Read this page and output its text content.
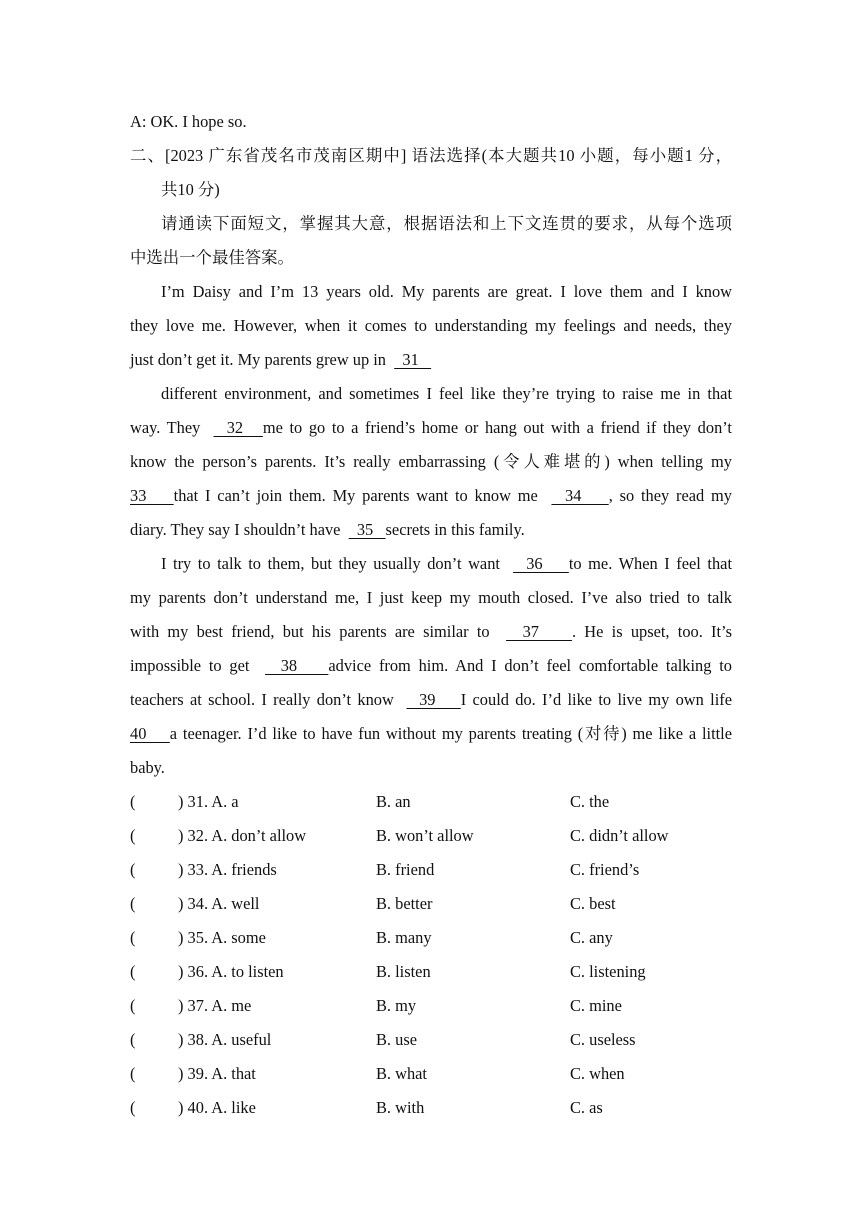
A: OK. I hope so.
二、[2023 广东省茂名市茂南区期中] 语法选择(本大题共10 小题，每小题1 分，
共10 分)
请通读下面短文，掌握其大意，根据语法和上下文连贯的要求，从每个选项
中选出一个最佳答案。
I’m Daisy and I’m 13 years old. My parents are great. I love them and I know
they love me. However, when it comes to understanding my feelings and needs, they
just don’t get it. My parents grew up in    31
different environment, and sometimes I feel like they’re trying to raise me in that
way. They    32   me to go to a friend’s home or hang out with a friend if they don’t
know the person’s parents. It’s really embarrassing (令人难堪的) when telling my
33    that I can’t join them. My parents want to know me    34    , so they read my
diary. They say I shouldn’t have    35   secrets in this family.
I try to talk to them, but they usually don’t want    36    to me. When I feel that
my parents don’t understand me, I just keep my mouth closed. I’ve also tried to talk
with my best friend, but his parents are similar to    37    . He is upset, too. It’s
impossible to get    38    advice from him. And I don’t feel comfortable talking to
teachers at school. I really don’t know    39    I could do. I’d like to live my own life
40    a teenager. I’d like to have fun without my parents treating (对待) me like a little
baby.
(	) 31. A. a	B. an	C. the
(	) 32. A. don’t allow	B. won’t allow	C. didn’t allow
(	) 33. A. friends	B. friend	C. friend’s
(	) 34. A. well	B. better	C. best
(	) 35. A. some	B. many	C. any
(	) 36. A. to listen	B. listen	C. listening
(	) 37. A. me	B. my	C. mine
(	) 38. A. useful	B. use	C. useless
(	) 39. A. that	B. what	C. when
(	) 40. A. like	B. with	C. as
